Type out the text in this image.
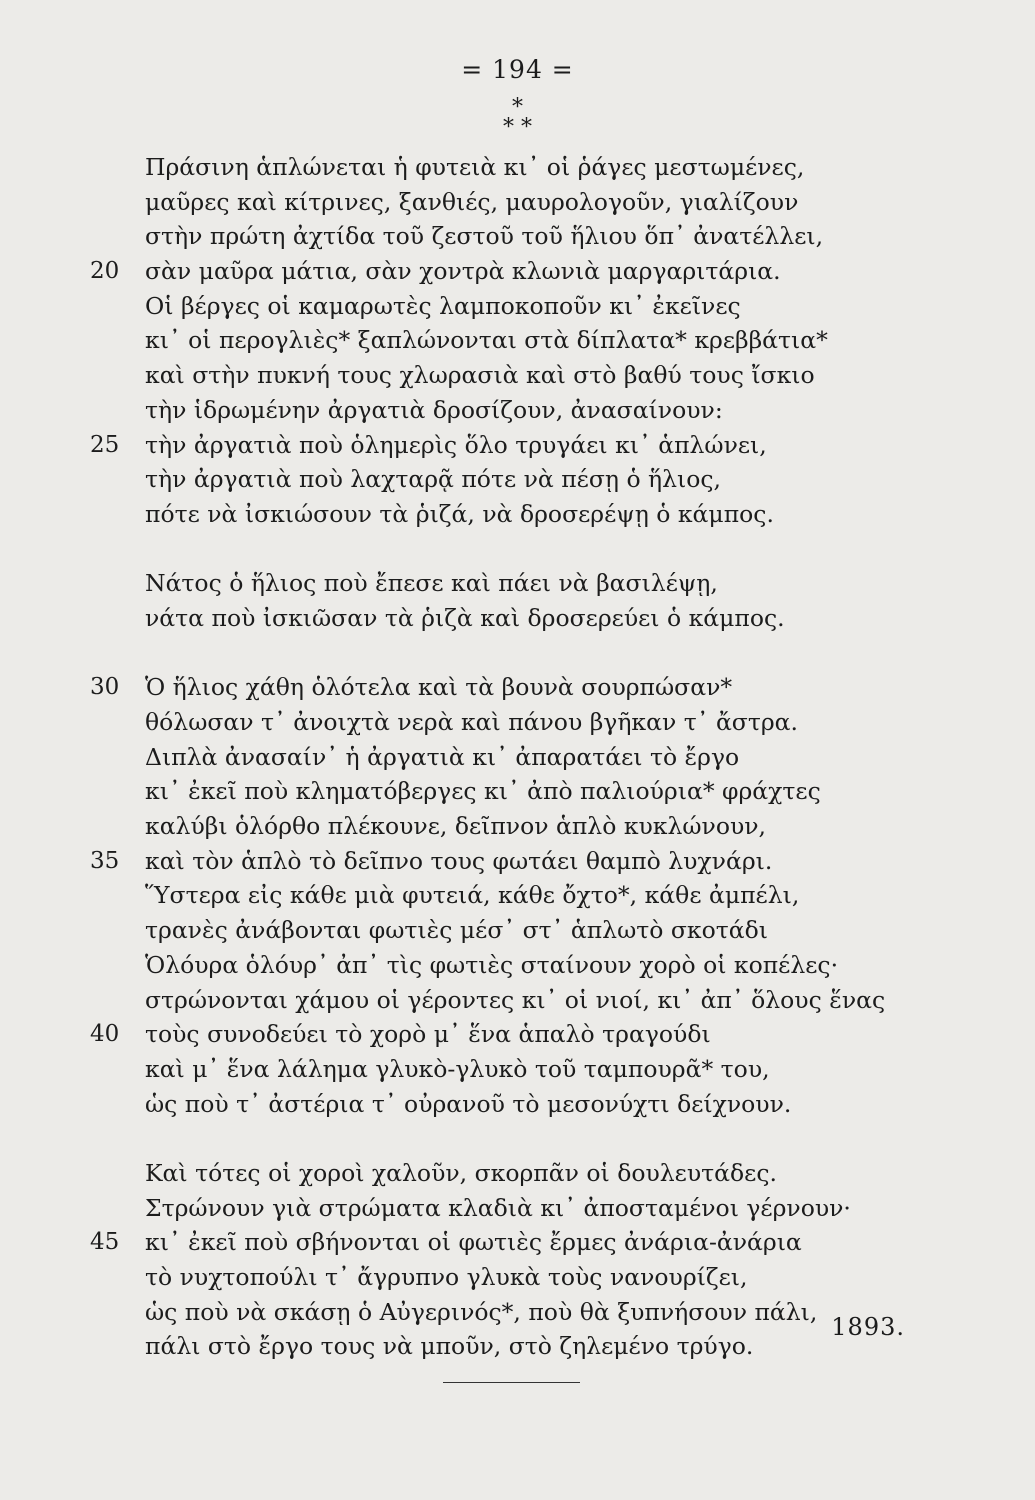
= 194 =
*
* *
Πράσινη ἁπλώνεται ἡ φυτειὰ κι᾿ οἱ ῥάγες μεστωμένες,
μαῦρες καὶ κίτρινες, ξανθιές, μαυρολογοῦν, γιαλίζουν
στὴν πρώτη ἀχτίδα τοῦ ζεστοῦ τοῦ ἥλιου ὅπ᾿ ἀνατέλλει,
20 σὰν μαῦρα μάτια, σὰν χοντρὰ κλωνιὰ μαργαριτάρια.
Οἱ βέργες οἱ καμαρωτὲς λαμποκοποῦν κι᾿ ἐκεῖνες
κι᾿ οἱ περογλιὲς* ξαπλώνονται στὰ δίπλατα* κρεββάτια*
καὶ στὴν πυκνή τους χλωρασιὰ καὶ στὸ βαθύ τους ἴσκιο
τὴν ἱδρωμένην ἀργατιὰ δροσίζουν, ἀνασαίνουν:
25 τὴν ἀργατιὰ ποὺ ὁλημερὶς ὅλο τρυγάει κι᾿ ἁπλώνει,
τὴν ἀργατιὰ ποὺ λαχταρᾷ πότε νὰ πέσῃ ὁ ἥλιος,
πότε νὰ ἰσκιώσουν τὰ ῥιζά, νὰ δροσερέψῃ ὁ κάμπος.
Νάτος ὁ ἥλιος ποὺ ἔπεσε καὶ πάει νὰ βασιλέψῃ,
νάτα ποὺ ἰσκιῶσαν τὰ ῥιζὰ καὶ δροσερεύει ὁ κάμπος.
30 Ὁ ἥλιος χάθη ὁλότελα καὶ τὰ βουνὰ σουρπώσαν*
θόλωσαν τ᾿ ἀνοιχτὰ νερὰ καὶ πάνου βγῆκαν τ᾿ ἄστρα.
Διπλὰ ἀνασαίν᾿ ἡ ἀργατιὰ κι᾿ ἀπαρατάει τὸ ἔργο
κι᾿ ἐκεῖ ποὺ κληματόβεργες κι᾿ ἀπὸ παλιούρια* φράχτες
καλύβι ὁλόρθο πλέκουνε, δεῖπνον ἁπλὸ κυκλώνουν,
35 καὶ τὸν ἁπλὸ τὸ δεῖπνο τους φωτάει θαμπὸ λυχνάρι.
Ὕστερα εἰς κάθε μιὰ φυτειά, κάθε ὄχτο*, κάθε ἀμπέλι,
τρανὲς ἀνάβονται φωτιὲς μέσ᾿ στ᾿ ἁπλωτὸ σκοτάδι
Ὁλόυρα ὁλόυρ᾿ ἀπ᾿ τὶς φωτιὲς σταίνουν χορὸ οἱ κοπέλες·
στρώνονται χάμου οἱ γέροντες κι᾿ οἱ νιοί, κι᾿ ἀπ᾿ ὅλους ἕνας
40 τοὺς συνοδεύει τὸ χορὸ μ᾿ ἕνα ἁπαλὸ τραγούδι
καὶ μ᾿ ἕνα λάλημα γλυκὸ-γλυκὸ τοῦ ταμπουρᾶ* του,
ὡς ποὺ τ᾿ ἀστέρια τ᾿ οὐρανοῦ τὸ μεσονύχτι δείχνουν.
Καὶ τότες οἱ χοροὶ χαλοῦν, σκορπᾶν οἱ δουλευτάδες.
Στρώνουν γιὰ στρώματα κλαδιὰ κι᾿ ἀποσταμένοι γέρνουν·
45 κι᾿ ἐκεῖ ποὺ σβήνονται οἱ φωτιὲς ἔρμες ἀνάρια-ἀνάρια
τὸ νυχτοπούλι τ᾿ ἄγρυπνο γλυκὰ τοὺς νανουρίζει,
ὡς ποὺ νὰ σκάσῃ ὁ Αὐγερινός*, ποὺ θὰ ξυπνήσουν πάλι,
πάλι στὸ ἔργο τους νὰ μποῦν, στὸ ζηλεμένο τρύγο.
1893.
